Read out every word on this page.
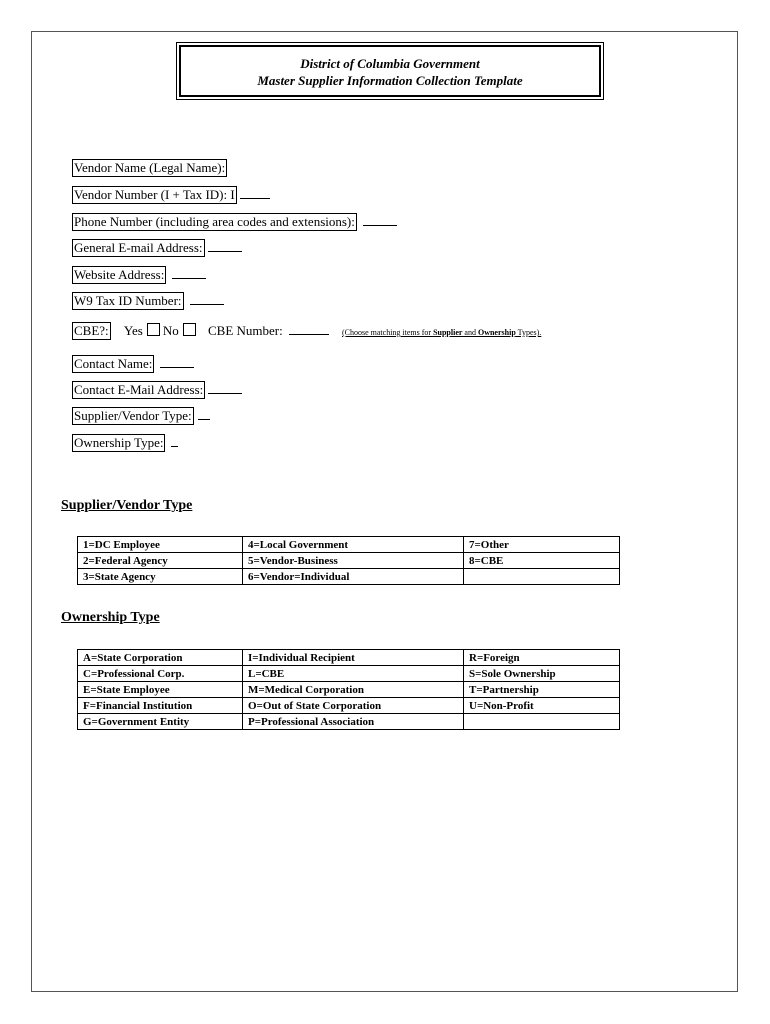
District of Columbia Government
Master Supplier Information Collection Template
Vendor Name (Legal Name):
Vendor Number (I + Tax ID): I
Phone Number (including area codes and extensions):
General E-mail Address:
Website Address:
W9 Tax ID Number:
CBE?: Yes No CBE Number:	(Choose matching items for Supplier and Ownership Types).
Contact Name:
Contact E-Mail Address:
Supplier/Vendor Type:
Ownership Type:
Supplier/Vendor Type
1=DC Employee	4=Local Government	7=Other
2=Federal Agency	5=Vendor-Business	8=CBE
3=State Agency	6=Vendor=Individual	
Ownership Type
A=State Corporation	I=Individual Recipient	R=Foreign
C=Professional Corp.	L=CBE	S=Sole Ownership
E=State Employee	M=Medical Corporation	T=Partnership
F=Financial Institution	O=Out of State Corporation	U=Non-Profit
G=Government Entity	P=Professional Association	
